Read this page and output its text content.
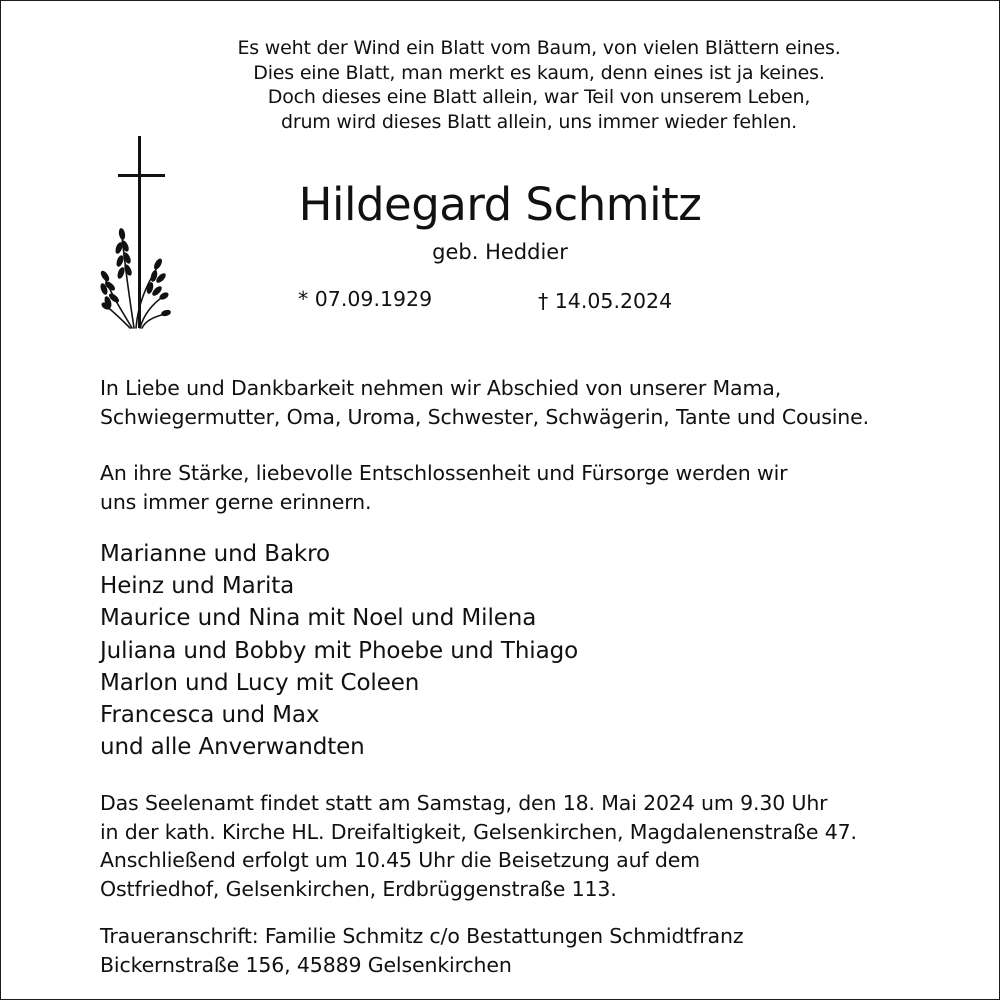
Es weht der Wind ein Blatt vom Baum, von vielen Blättern eines.
Dies eine Blatt, man merkt es kaum, denn eines ist ja keines.
Doch dieses eine Blatt allein, war Teil von unserem Leben,
drum wird dieses Blatt allein, uns immer wieder fehlen.
Hildegard Schmitz
geb. Heddier
* 07.09.1929	† 14.05.2024
In Liebe und Dankbarkeit nehmen wir Abschied von unserer Mama,
Schwiegermutter, Oma, Uroma, Schwester, Schwägerin, Tante und Cousine.
An ihre Stärke, liebevolle Entschlossenheit und Fürsorge werden wir
uns immer gerne erinnern.
Marianne und Bakro
Heinz und Marita
Maurice und Nina mit Noel und Milena
Juliana und Bobby mit Phoebe und Thiago
Marlon und Lucy mit Coleen
Francesca und Max
und alle Anverwandten
Das Seelenamt findet statt am Samstag, den 18. Mai 2024 um 9.30 Uhr
in der kath. Kirche HL. Dreifaltigkeit, Gelsenkirchen, Magdalenenstraße 47.
Anschließend erfolgt um 10.45 Uhr die Beisetzung auf dem
Ostfriedhof, Gelsenkirchen, Erdbrüggenstraße 113.
Traueranschrift: Familie Schmitz c/o Bestattungen Schmidtfranz
Bickernstraße 156, 45889 Gelsenkirchen
